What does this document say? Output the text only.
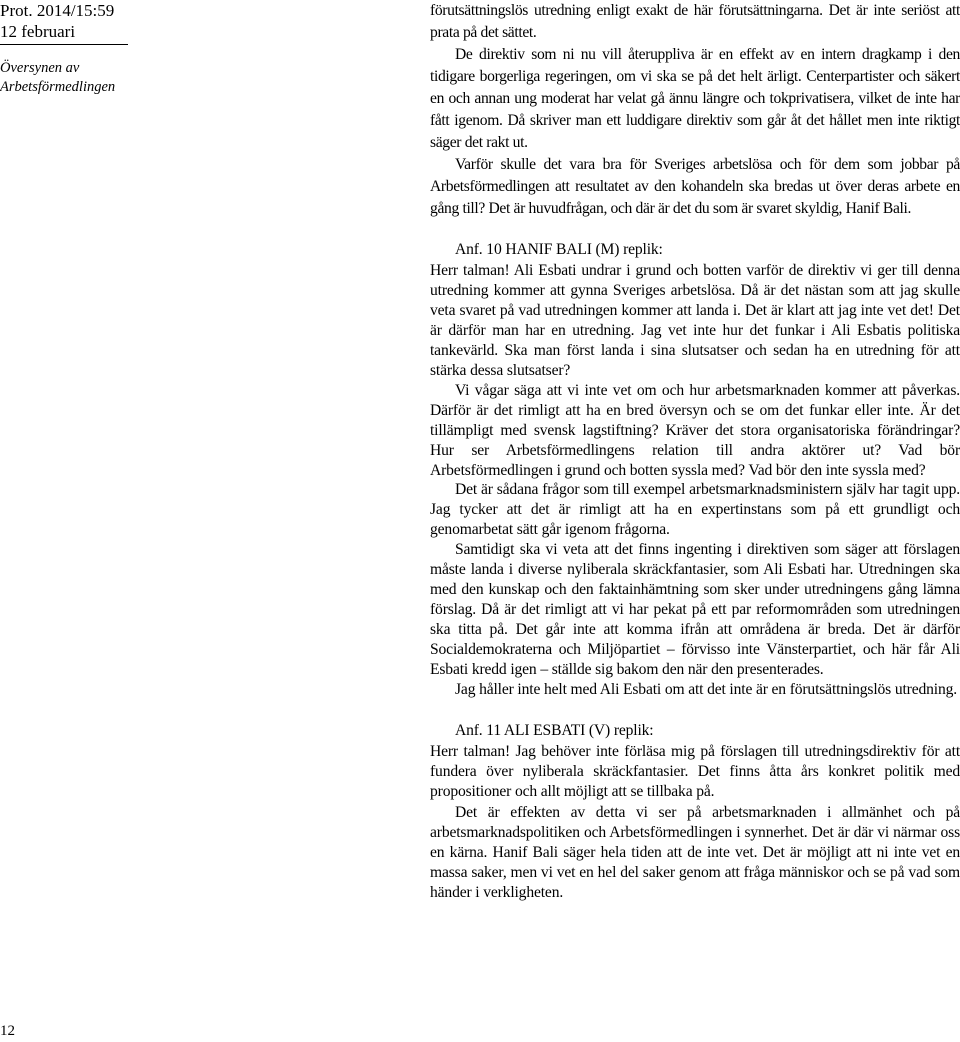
Prot. 2014/15:59
12 februari
Översynen av
Arbetsförmedlingen
12

förutsättningslös utredning enligt exakt de här förutsättningarna. Det är inte seriöst att prata på det sättet.

De direktiv som ni nu vill återuppliva är en effekt av en intern dragkamp i den tidigare borgerliga regeringen, om vi ska se på det helt ärligt. Centerpartister och säkert en och annan ung moderat har velat gå ännu längre och tokprivatisera, vilket de inte har fått igenom. Då skriver man ett luddigare direktiv som går åt det hållet men inte riktigt säger det rakt ut.

Varför skulle det vara bra för Sveriges arbetslösa och för dem som jobbar på Arbetsförmedlingen att resultatet av den kohandeln ska bredas ut över deras arbete en gång till? Det är huvudfrågan, och där är det du som är svaret skyldig, Hanif Bali.

Anf. 10 HANIF BALI (M) replik:

Herr talman! Ali Esbati undrar i grund och botten varför de direktiv vi ger till denna utredning kommer att gynna Sveriges arbetslösa. Då är det nästan som att jag skulle veta svaret på vad utredningen kommer att landa i. Det är klart att jag inte vet det! Det är därför man har en utredning. Jag vet inte hur det funkar i Ali Esbatis politiska tankevärld. Ska man först landa i sina slutsatser och sedan ha en utredning för att stärka dessa slutsatser?

Vi vågar säga att vi inte vet om och hur arbetsmarknaden kommer att påverkas. Därför är det rimligt att ha en bred översyn och se om det funkar eller inte. Är det tillämpligt med svensk lagstiftning? Kräver det stora organisatoriska förändringar? Hur ser Arbetsförmedlingens relation till andra aktörer ut? Vad bör Arbetsförmedlingen i grund och botten syssla med? Vad bör den inte syssla med?

Det är sådana frågor som till exempel arbetsmarknadsministern själv har tagit upp. Jag tycker att det är rimligt att ha en expertinstans som på ett grundligt och genomarbetat sätt går igenom frågorna.

Samtidigt ska vi veta att det finns ingenting i direktiven som säger att förslagen måste landa i diverse nyliberala skräckfantasier, som Ali Esbati har. Utredningen ska med den kunskap och den faktainhämtning som sker under utredningens gång lämna förslag. Då är det rimligt att vi har pekat på ett par reformområden som utredningen ska titta på. Det går inte att komma ifrån att områdena är breda. Det är därför Socialdemokraterna och Miljöpartiet – förvisso inte Vänsterpartiet, och här får Ali Esbati kredd igen – ställde sig bakom den när den presenterades.

Jag håller inte helt med Ali Esbati om att det inte är en förutsättningslös utredning.

Anf. 11 ALI ESBATI (V) replik:

Herr talman! Jag behöver inte förläsa mig på förslagen till utredningsdirektiv för att fundera över nyliberala skräckfantasier. Det finns åtta års konkret politik med propositioner och allt möjligt att se tillbaka på.

Det är effekten av detta vi ser på arbetsmarknaden i allmänhet och på arbetsmarknadspolitiken och Arbetsförmedlingen i synnerhet. Det är där vi närmar oss en kärna. Hanif Bali säger hela tiden att de inte vet. Det är möjligt att ni inte vet en massa saker, men vi vet en hel del saker genom att fråga människor och se på vad som händer i verkligheten.
